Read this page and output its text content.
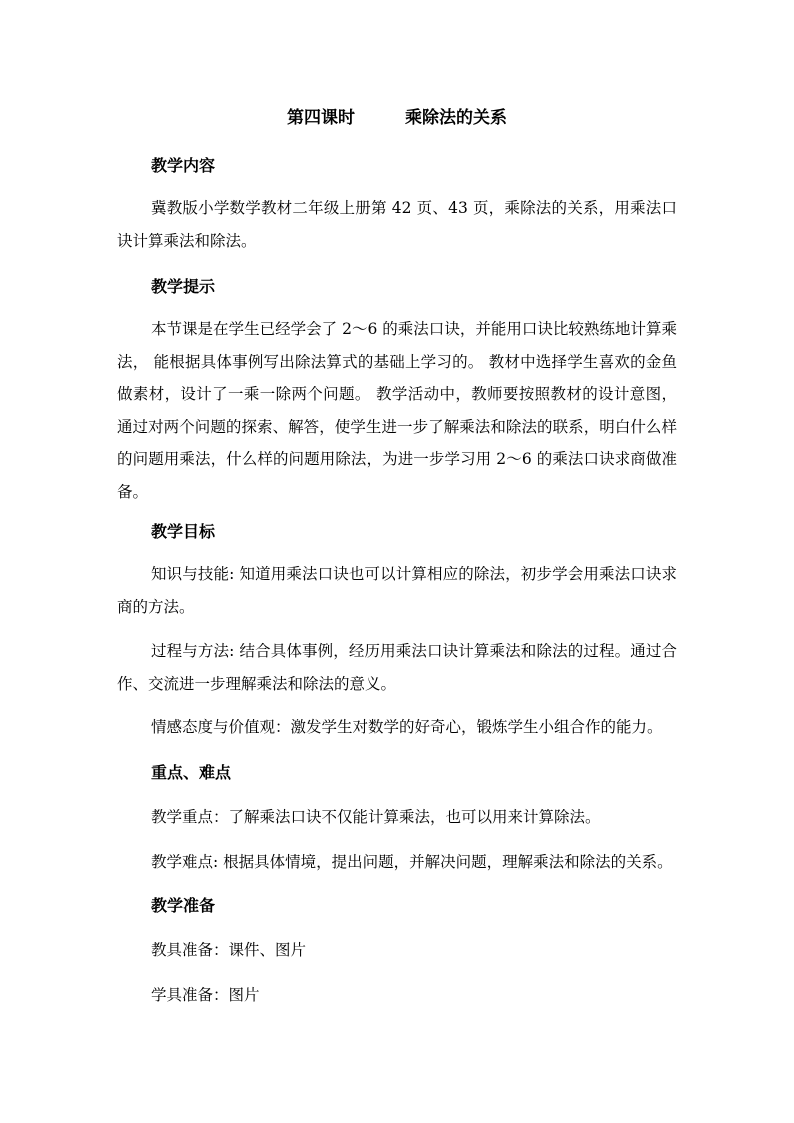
第四课时	乘除法的关系
教学内容
冀教版小学数学教材二年级上册第 42 页、43 页，乘除法的关系，用乘法口诀计算乘法和除法。
教学提示
本节课是在学生已经学会了 2～6 的乘法口诀，并能用口诀比较熟练地计算乘法， 能根据具体事例写出除法算式的基础上学习的。 教材中选择学生喜欢的金鱼做素材，设计了一乘一除两个问题。 教学活动中，教师要按照教材的设计意图，通过对两个问题的探索、解答，使学生进一步了解乘法和除法的联系，明白什么样的问题用乘法，什么样的问题用除法，为进一步学习用 2～6 的乘法口诀求商做准备。
教学目标
知识与技能: 知道用乘法口诀也可以计算相应的除法，初步学会用乘法口诀求商的方法。
过程与方法: 结合具体事例，经历用乘法口诀计算乘法和除法的过程。通过合作、交流进一步理解乘法和除法的意义。
情感态度与价值观：激发学生对数学的好奇心，锻炼学生小组合作的能力。
重点、难点
教学重点：了解乘法口诀不仅能计算乘法，也可以用来计算除法。
教学难点: 根据具体情境，提出问题，并解决问题，理解乘法和除法的关系。
教学准备
教具准备：课件、图片
学具准备：图片
